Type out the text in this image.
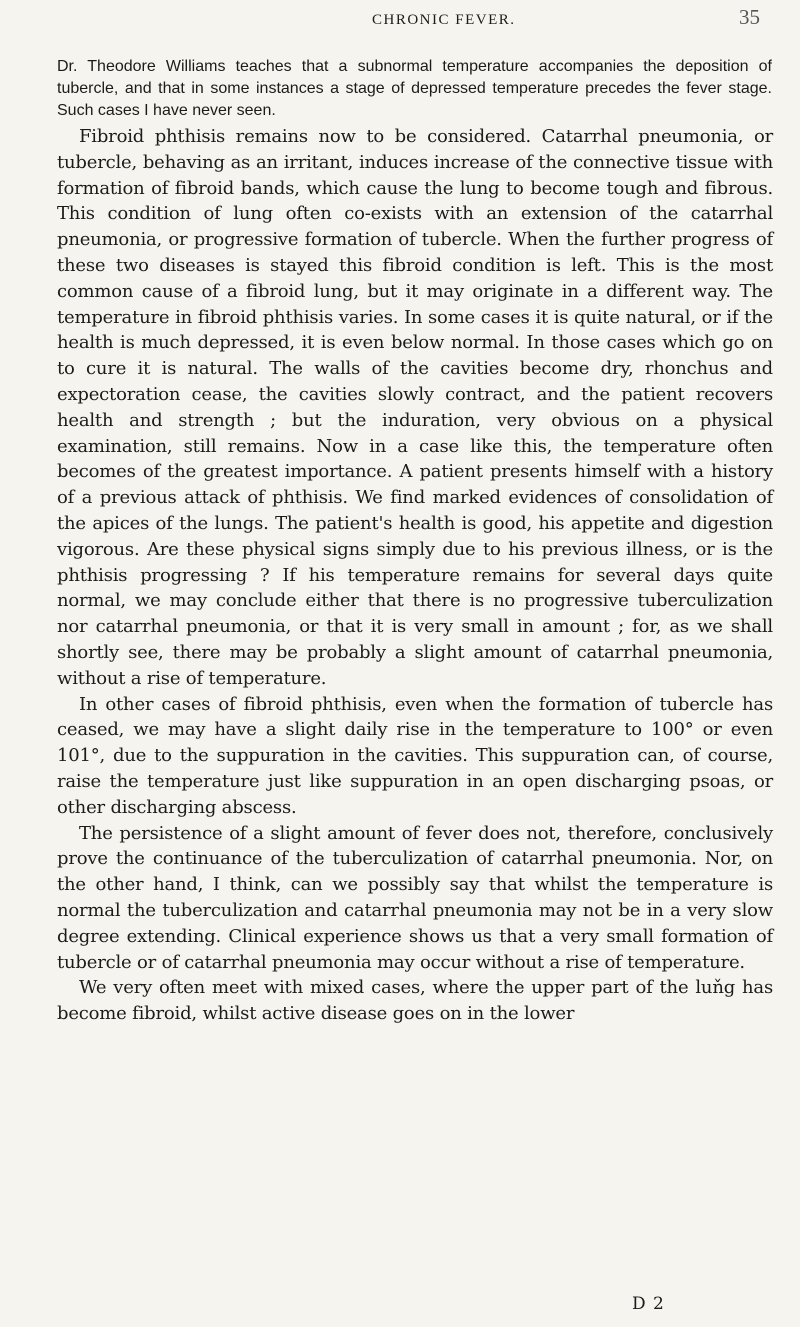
CHRONIC FEVER.	35

Dr. Theodore Williams teaches that a subnormal temperature accompanies the deposition of tubercle, and that in some instances a stage of depressed temperature precedes the fever stage. Such cases I have never seen.

Fibroid phthisis remains now to be considered. Catarrhal pneumonia, or tubercle, behaving as an irritant, induces increase of the connective tissue with formation of fibroid bands, which cause the lung to become tough and fibrous. This condition of lung often co-exists with an extension of the catarrhal pneumonia, or progressive formation of tubercle. When the further progress of these two diseases is stayed this fibroid condition is left. This is the most common cause of a fibroid lung, but it may originate in a different way. The temperature in fibroid phthisis varies. In some cases it is quite natural, or if the health is much depressed, it is even below normal. In those cases which go on to cure it is natural. The walls of the cavities become dry, rhonchus and expectoration cease, the cavities slowly contract, and the patient recovers health and strength ; but the induration, very obvious on a physical examination, still remains. Now in a case like this, the temperature often becomes of the greatest importance. A patient presents himself with a history of a previous attack of phthisis. We find marked evidences of consolidation of the apices of the lungs. The patient's health is good, his appetite and digestion vigorous. Are these physical signs simply due to his previous illness, or is the phthisis progressing ? If his temperature remains for several days quite normal, we may conclude either that there is no progressive tuberculization nor catarrhal pneumonia, or that it is very small in amount ; for, as we shall shortly see, there may be probably a slight amount of catarrhal pneumonia, without a rise of temperature.

In other cases of fibroid phthisis, even when the formation of tubercle has ceased, we may have a slight daily rise in the temperature to 100° or even 101°, due to the suppuration in the cavities. This suppuration can, of course, raise the temperature just like suppuration in an open discharging psoas, or other discharging abscess.

The persistence of a slight amount of fever does not, therefore, conclusively prove the continuance of the tuberculization of catarrhal pneumonia. Nor, on the other hand, I think, can we possibly say that whilst the temperature is normal the tuberculization and catarrhal pneumonia may not be in a very slow degree extending. Clinical experience shows us that a very small formation of tubercle or of catarrhal pneumonia may occur without a rise of temperature.

We very often meet with mixed cases, where the upper part of the luňg has become fibroid, whilst active disease goes on in the lower

D 2
